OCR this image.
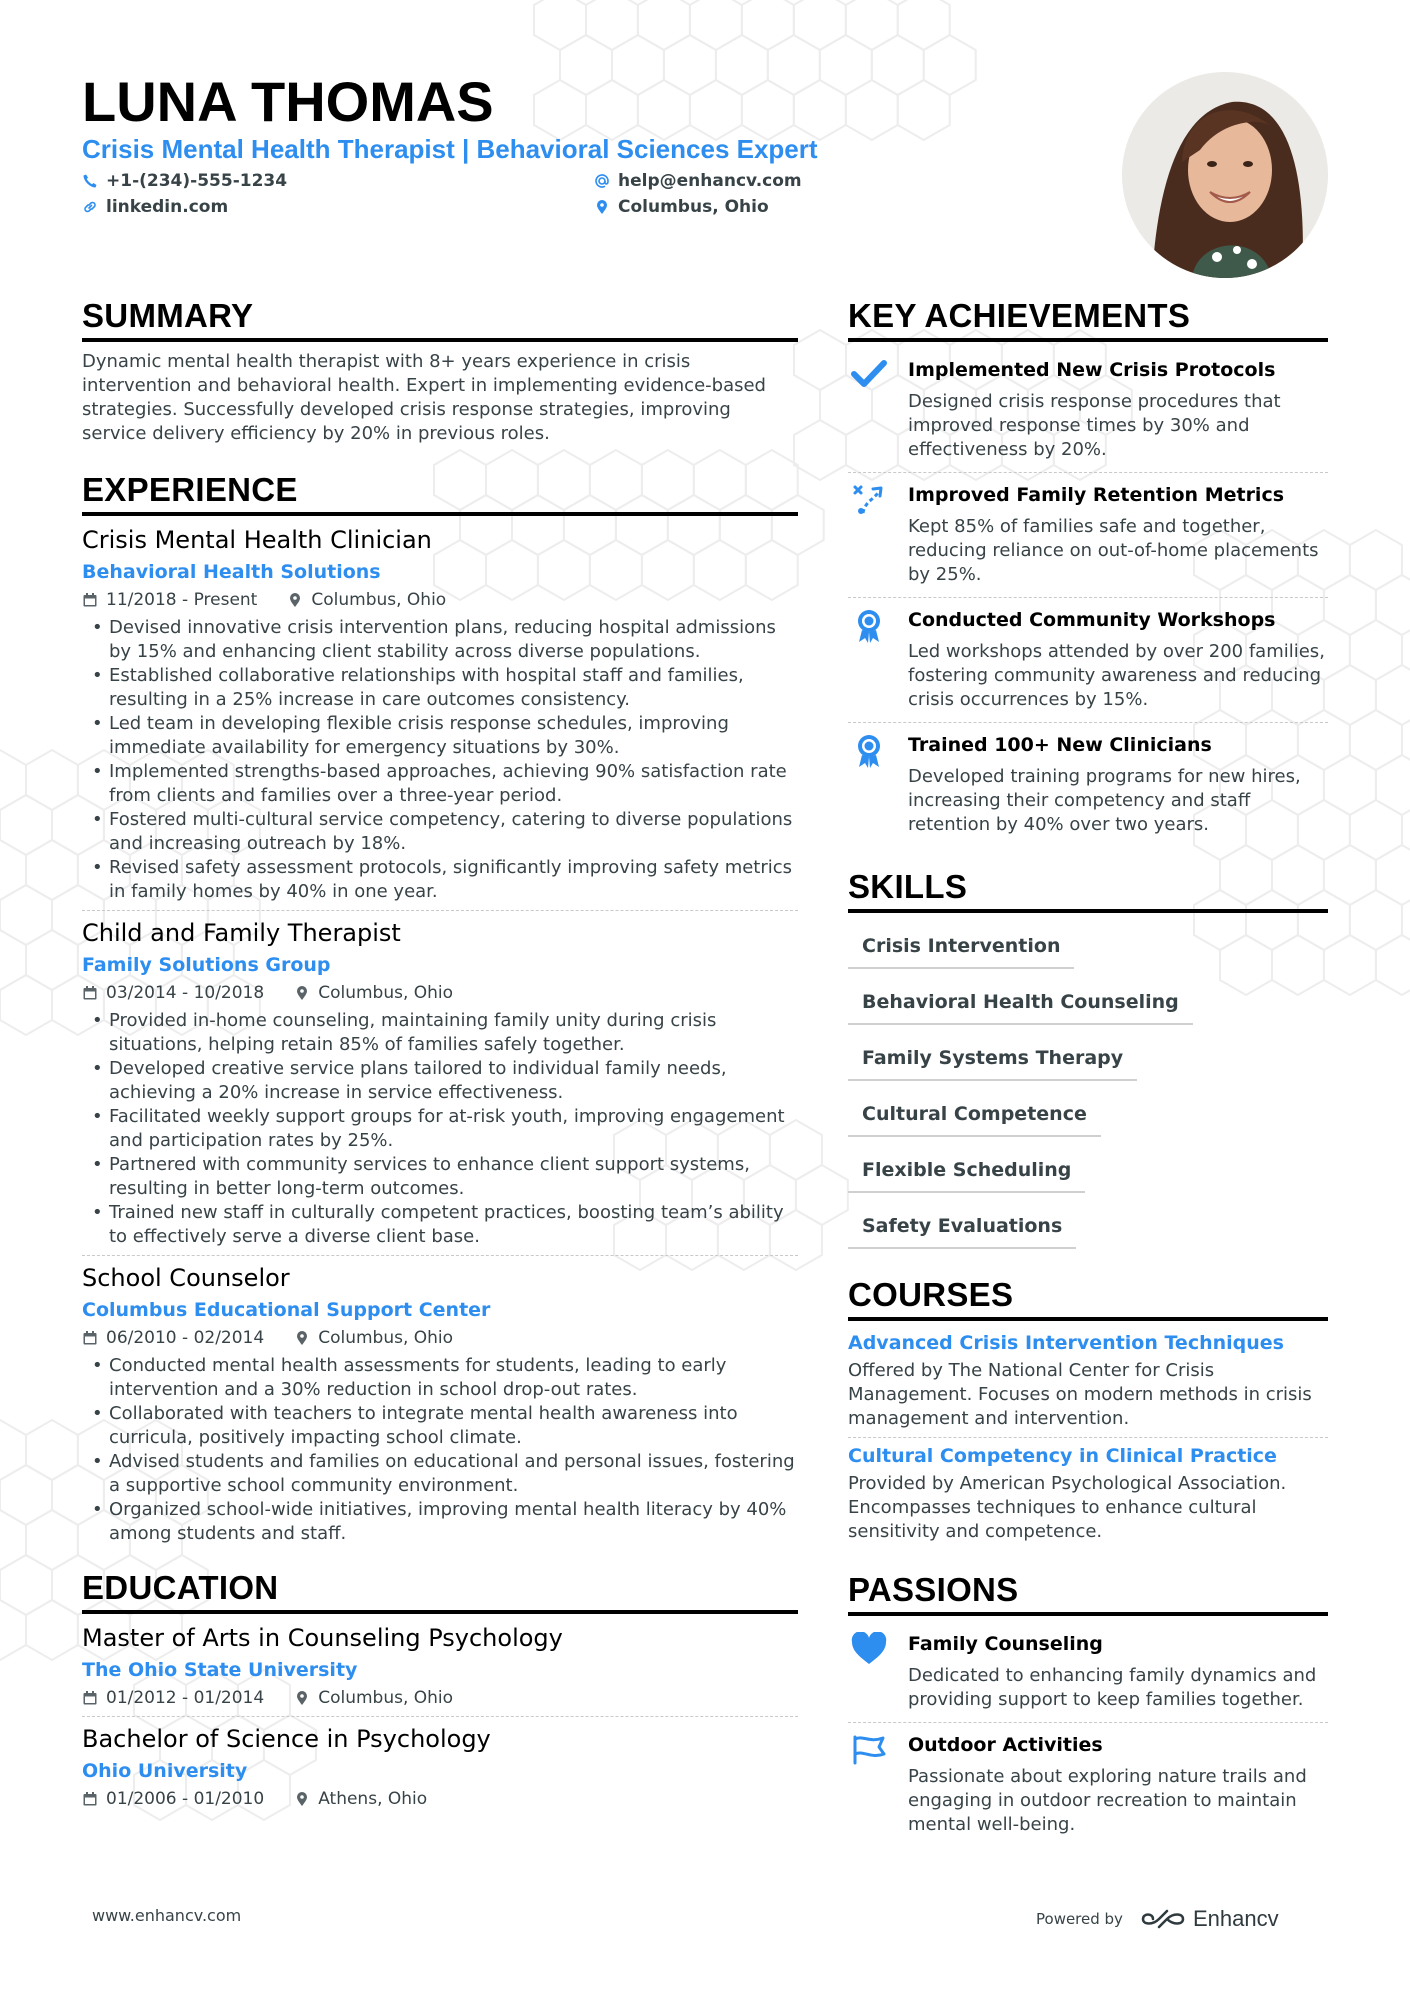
LUNA THOMAS
Crisis Mental Health Therapist | Behavioral Sciences Expert
+1-(234)-555-1234	help@enhancv.com
linkedin.com	Columbus, Ohio
SUMMARY

Dynamic mental health therapist with 8+ years experience in crisis intervention and behavioral health. Expert in implementing evidence-based strategies. Successfully developed crisis response strategies, improving service delivery efficiency by 20% in previous roles.

EXPERIENCE
Crisis Mental Health Clinician
Behavioral Health Solutions
11/2018 - Present	Columbus, Ohio
• Devised innovative crisis intervention plans, reducing hospital admissions by 15% and enhancing client stability across diverse populations.
• Established collaborative relationships with hospital staff and families, resulting in a 25% increase in care outcomes consistency.
• Led team in developing flexible crisis response schedules, improving immediate availability for emergency situations by 30%.
• Implemented strengths-based approaches, achieving 90% satisfaction rate from clients and families over a three-year period.
• Fostered multi-cultural service competency, catering to diverse populations and increasing outreach by 18%.
• Revised safety assessment protocols, significantly improving safety metrics in family homes by 40% in one year.
Child and Family Therapist
Family Solutions Group
03/2014 - 10/2018	Columbus, Ohio
• Provided in-home counseling, maintaining family unity during crisis situations, helping retain 85% of families safely together.
• Developed creative service plans tailored to individual family needs, achieving a 20% increase in service effectiveness.
• Facilitated weekly support groups for at-risk youth, improving engagement and participation rates by 25%.
• Partnered with community services to enhance client support systems, resulting in better long-term outcomes.
• Trained new staff in culturally competent practices, boosting team’s ability to effectively serve a diverse client base.
School Counselor
Columbus Educational Support Center
06/2010 - 02/2014	Columbus, Ohio
• Conducted mental health assessments for students, leading to early intervention and a 30% reduction in school drop-out rates.
• Collaborated with teachers to integrate mental health awareness into curricula, positively impacting school climate.
• Advised students and families on educational and personal issues, fostering a supportive school community environment.
• Organized school-wide initiatives, improving mental health literacy by 40% among students and staff.
EDUCATION
Master of Arts in Counseling Psychology
The Ohio State University
01/2012 - 01/2014	Columbus, Ohio
Bachelor of Science in Psychology
Ohio University
01/2006 - 01/2010	Athens, Ohio
KEY ACHIEVEMENTS
Implemented New Crisis Protocols
Designed crisis response procedures that improved response times by 30% and effectiveness by 20%.
Improved Family Retention Metrics
Kept 85% of families safe and together, reducing reliance on out-of-home placements by 25%.
Conducted Community Workshops
Led workshops attended by over 200 families, fostering community awareness and reducing crisis occurrences by 15%.
Trained 100+ New Clinicians
Developed training programs for new hires, increasing their competency and staff retention by 40% over two years.
SKILLS
Crisis Intervention
Behavioral Health Counseling
Family Systems Therapy
Cultural Competence
Flexible Scheduling
Safety Evaluations
COURSES
Advanced Crisis Intervention Techniques
Offered by The National Center for Crisis Management. Focuses on modern methods in crisis management and intervention.
Cultural Competency in Clinical Practice
Provided by American Psychological Association. Encompasses techniques to enhance cultural sensitivity and competence.
PASSIONS
Family Counseling
Dedicated to enhancing family dynamics and providing support to keep families together.
Outdoor Activities
Passionate about exploring nature trails and engaging in outdoor recreation to maintain mental well-being.
www.enhancv.com	Powered by	Enhancv
